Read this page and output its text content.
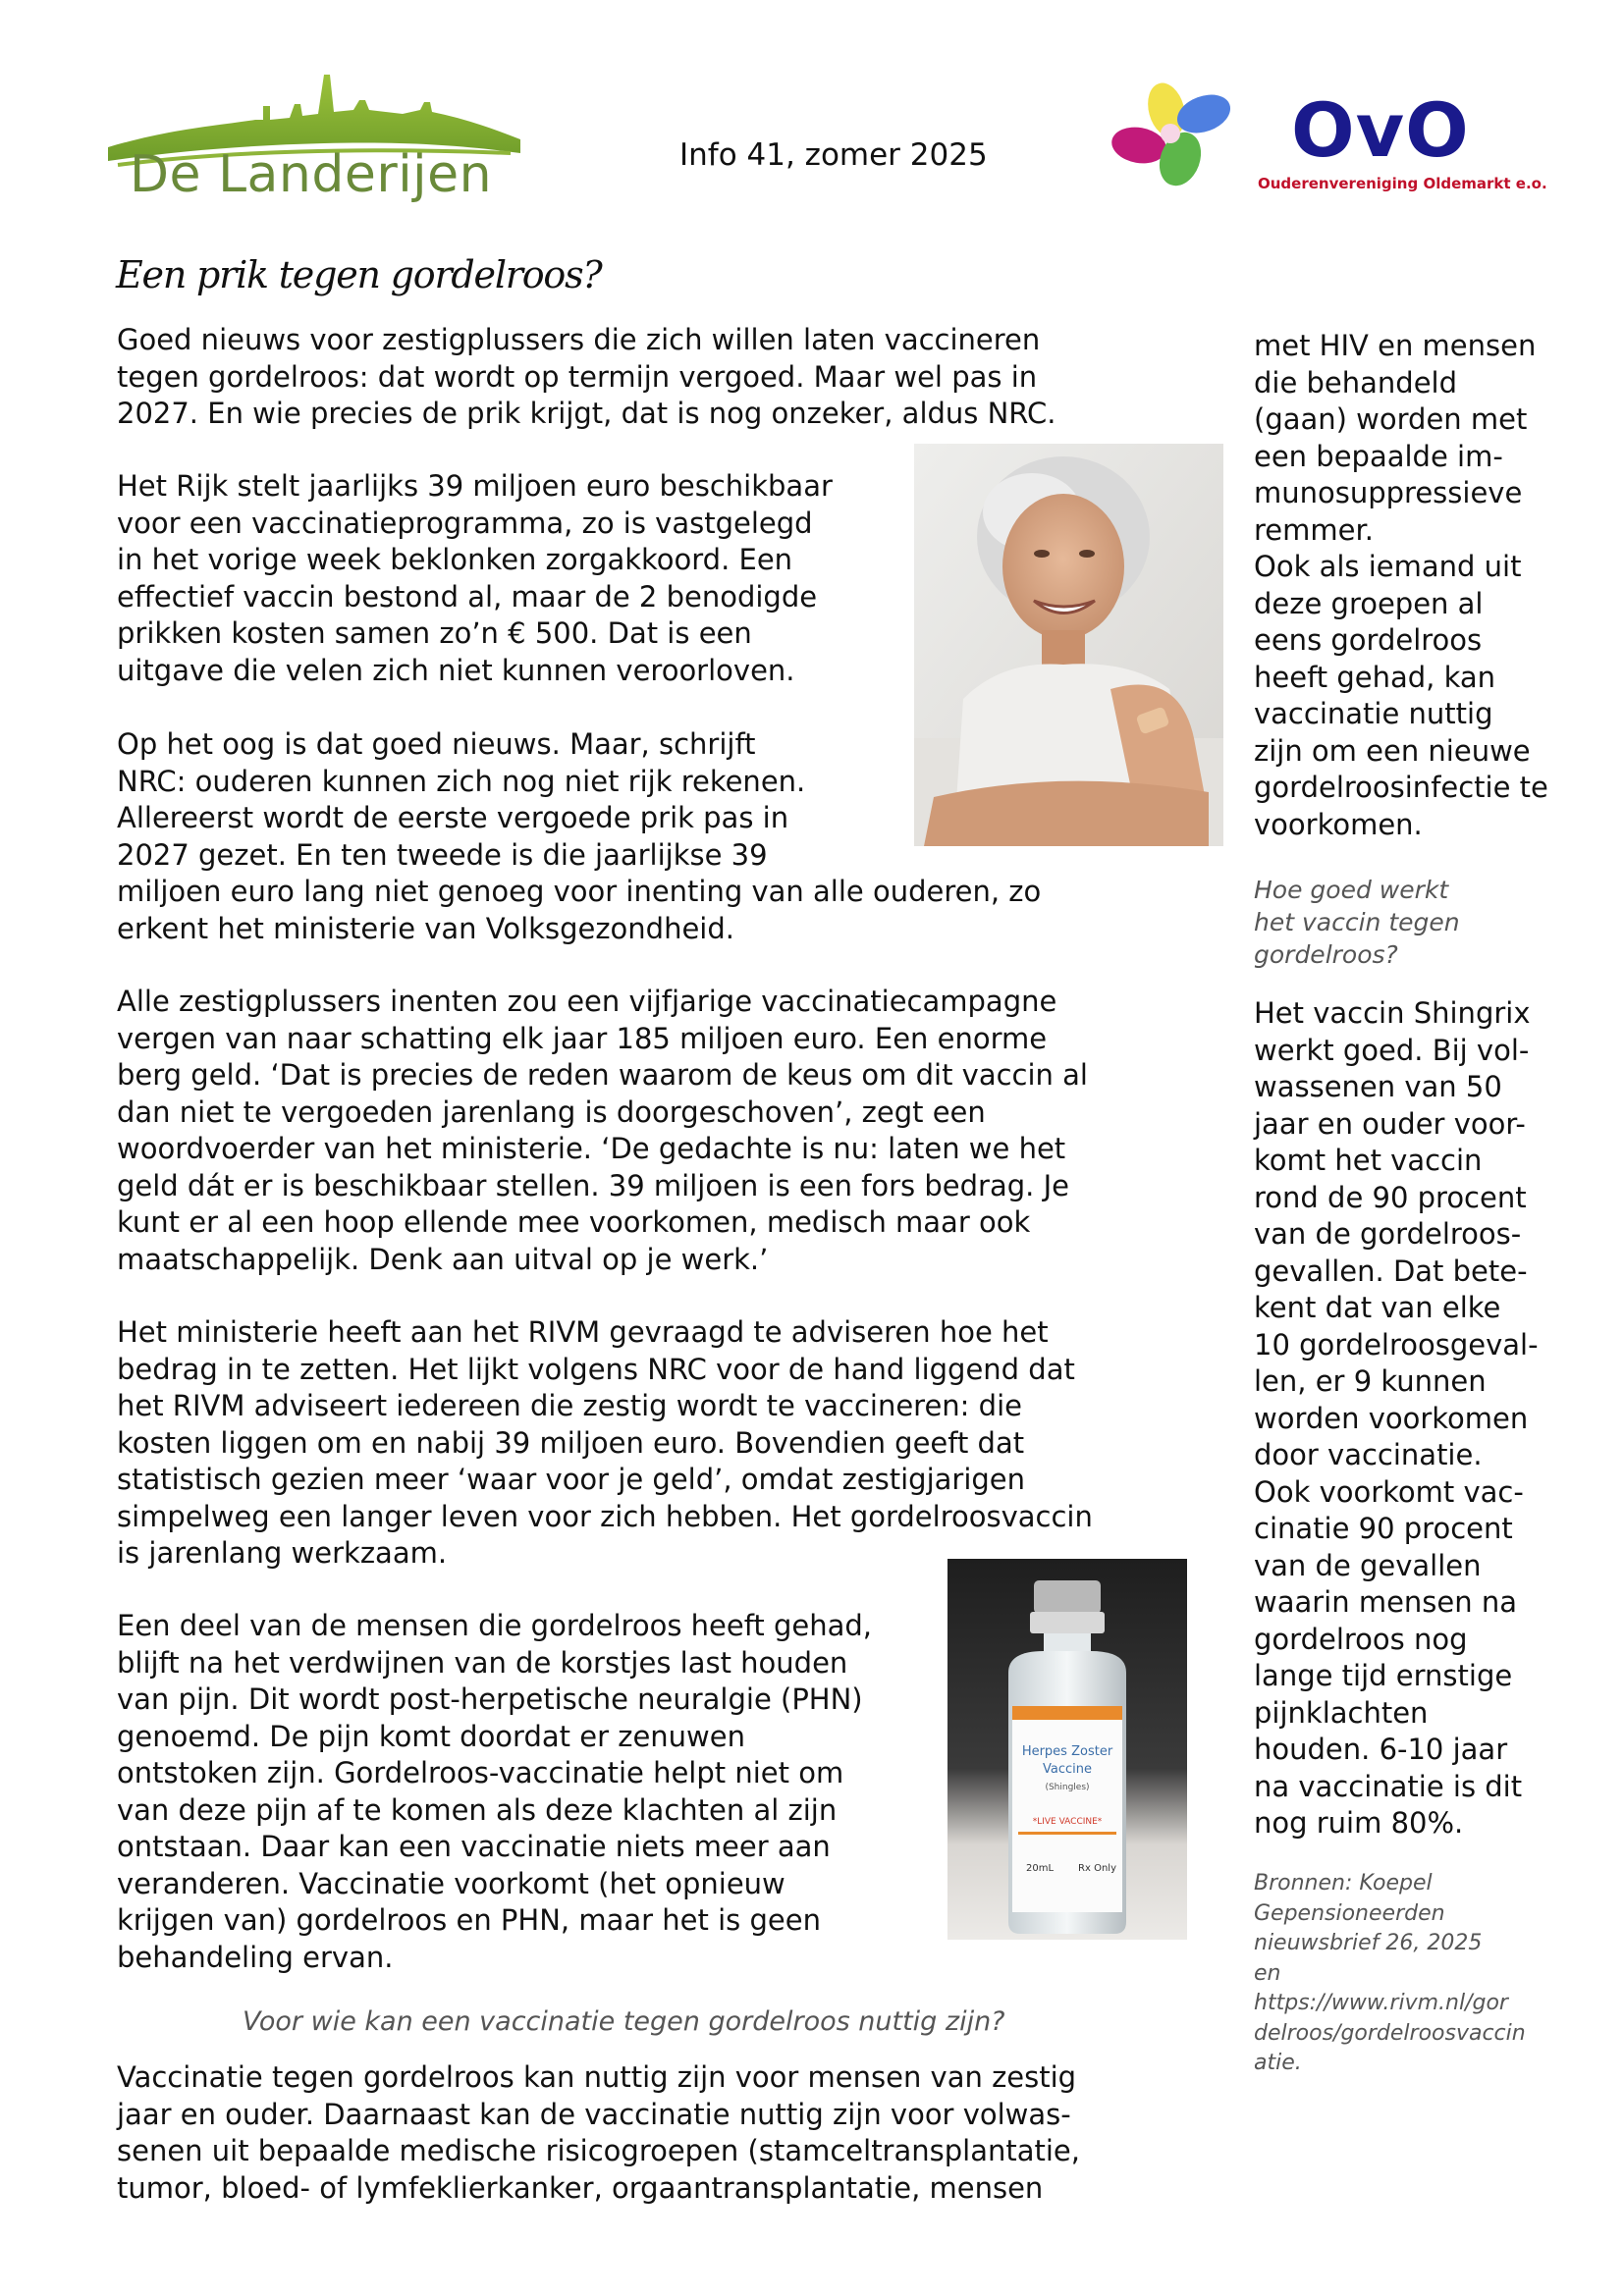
De Landerijen	Info 41, zomer 2025	OvO
Ouderenvereniging Oldemarkt e.o.
Een prik tegen gordelroos?
Goed nieuws voor zestigplussers die zich willen laten vaccineren
tegen gordelroos: dat wordt op termijn vergoed. Maar wel pas in
2027. En wie precies de prik krijgt, dat is nog onzeker, aldus NRC.
Het Rijk stelt jaarlijks 39 miljoen euro beschikbaar
voor een vaccinatieprogramma, zo is vastgelegd
in het vorige week beklonken zorgakkoord. Een
effectief vaccin bestond al, maar de 2 benodigde
prikken kosten samen zo’n € 500. Dat is een
uitgave die velen zich niet kunnen veroorloven.
Op het oog is dat goed nieuws. Maar, schrijft
NRC: ouderen kunnen zich nog niet rijk rekenen.
Allereerst wordt de eerste vergoede prik pas in
2027 gezet. En ten tweede is die jaarlijkse 39
miljoen euro lang niet genoeg voor inenting van alle ouderen, zo
erkent het ministerie van Volksgezondheid.
Alle zestigplussers inenten zou een vijfjarige vaccinatiecampagne
vergen van naar schatting elk jaar 185 miljoen euro. Een enorme
berg geld. ‘Dat is precies de reden waarom de keus om dit vaccin al
dan niet te vergoeden jarenlang is doorgeschoven’, zegt een
woordvoerder van het ministerie. ‘De gedachte is nu: laten we het
geld dát er is beschikbaar stellen. 39 miljoen is een fors bedrag. Je
kunt er al een hoop ellende mee voorkomen, medisch maar ook
maatschappelijk. Denk aan uitval op je werk.’
Het ministerie heeft aan het RIVM gevraagd te adviseren hoe het
bedrag in te zetten. Het lijkt volgens NRC voor de hand liggend dat
het RIVM adviseert iedereen die zestig wordt te vaccineren: die
kosten liggen om en nabij 39 miljoen euro. Bovendien geeft dat
statistisch gezien meer ‘waar voor je geld’, omdat zestigjarigen
simpelweg een langer leven voor zich hebben. Het gordelroosvaccin
is jarenlang werkzaam.
Een deel van de mensen die gordelroos heeft gehad,
blijft na het verdwijnen van de korstjes last houden
van pijn. Dit wordt post-herpetische neuralgie (PHN)
genoemd. De pijn komt doordat er zenuwen
ontstoken zijn. Gordelroos-vaccinatie helpt niet om
van deze pijn af te komen als deze klachten al zijn
ontstaan. Daar kan een vaccinatie niets meer aan
veranderen. Vaccinatie voorkomt (het opnieuw
krijgen van) gordelroos en PHN, maar het is geen
behandeling ervan.
Voor wie kan een vaccinatie tegen gordelroos nuttig zijn?
Vaccinatie tegen gordelroos kan nuttig zijn voor mensen van zestig
jaar en ouder. Daarnaast kan de vaccinatie nuttig zijn voor volwas-
senen uit bepaalde medische risicogroepen (stamceltransplantatie,
tumor, bloed- of lymfeklierkanker, orgaantransplantatie, mensen
Herpes Zoster
Vaccine
(Shingles)
*LIVE VACCINE*
20mL	Rx Only
met HIV en mensen
die behandeld
(gaan) worden met
een bepaalde im-
munosuppressieve
remmer.
Ook als iemand uit
deze groepen al
eens gordelroos
heeft gehad, kan
vaccinatie nuttig
zijn om een nieuwe
gordelroosinfectie te
voorkomen.
Hoe goed werkt
het vaccin tegen
gordelroos?
Het vaccin Shingrix
werkt goed. Bij vol-
wassenen van 50
jaar en ouder voor-
komt het vaccin
rond de 90 procent
van de gordelroos-
gevallen. Dat bete-
kent dat van elke
10 gordelroosgeval-
len, er 9 kunnen
worden voorkomen
door vaccinatie.
Ook voorkomt vac-
cinatie 90 procent
van de gevallen
waarin mensen na
gordelroos nog
lange tijd ernstige
pijnklachten
houden. 6-10 jaar
na vaccinatie is dit
nog ruim 80%.
Bronnen: Koepel
Gepensioneerden
nieuwsbrief 26, 2025
en
https://www.rivm.nl/gor
delroos/gordelroosvaccin
atie.
